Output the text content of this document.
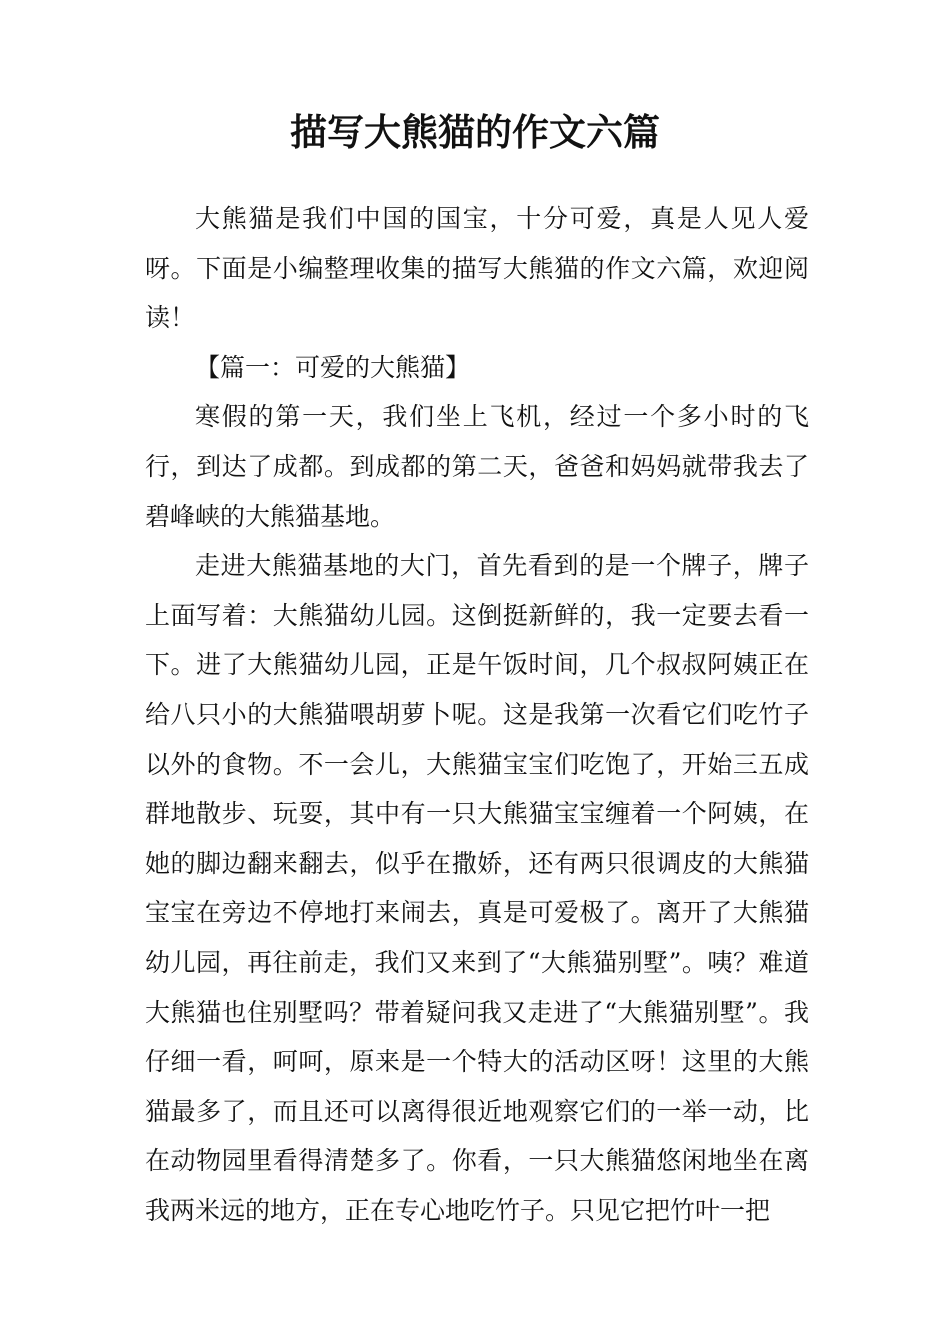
描写大熊猫的作文六篇

大熊猫是我们中国的国宝，十分可爱，真是人见人爱呀。下面是小编整理收集的描写大熊猫的作文六篇，欢迎阅读！

【篇一：可爱的大熊猫】

寒假的第一天，我们坐上飞机，经过一个多小时的飞行，到达了成都。到成都的第二天，爸爸和妈妈就带我去了碧峰峡的大熊猫基地。

走进大熊猫基地的大门，首先看到的是一个牌子，牌子上面写着：大熊猫幼儿园。这倒挺新鲜的，我一定要去看一下。进了大熊猫幼儿园，正是午饭时间，几个叔叔阿姨正在给八只小的大熊猫喂胡萝卜呢。这是我第一次看它们吃竹子以外的食物。不一会儿，大熊猫宝宝们吃饱了，开始三五成群地散步、玩耍，其中有一只大熊猫宝宝缠着一个阿姨，在她的脚边翻来翻去，似乎在撒娇，还有两只很调皮的大熊猫宝宝在旁边不停地打来闹去，真是可爱极了。离开了大熊猫幼儿园，再往前走，我们又来到了“大熊猫别墅”。咦？难道大熊猫也住别墅吗？带着疑问我又走进了“大熊猫别墅”。我仔细一看，呵呵，原来是一个特大的活动区呀！这里的大熊猫最多了，而且还可以离得很近地观察它们的一举一动，比在动物园里看得清楚多了。你看，一只大熊猫悠闲地坐在离我两米远的地方，正在专心地吃竹子。只见它把竹叶一把
